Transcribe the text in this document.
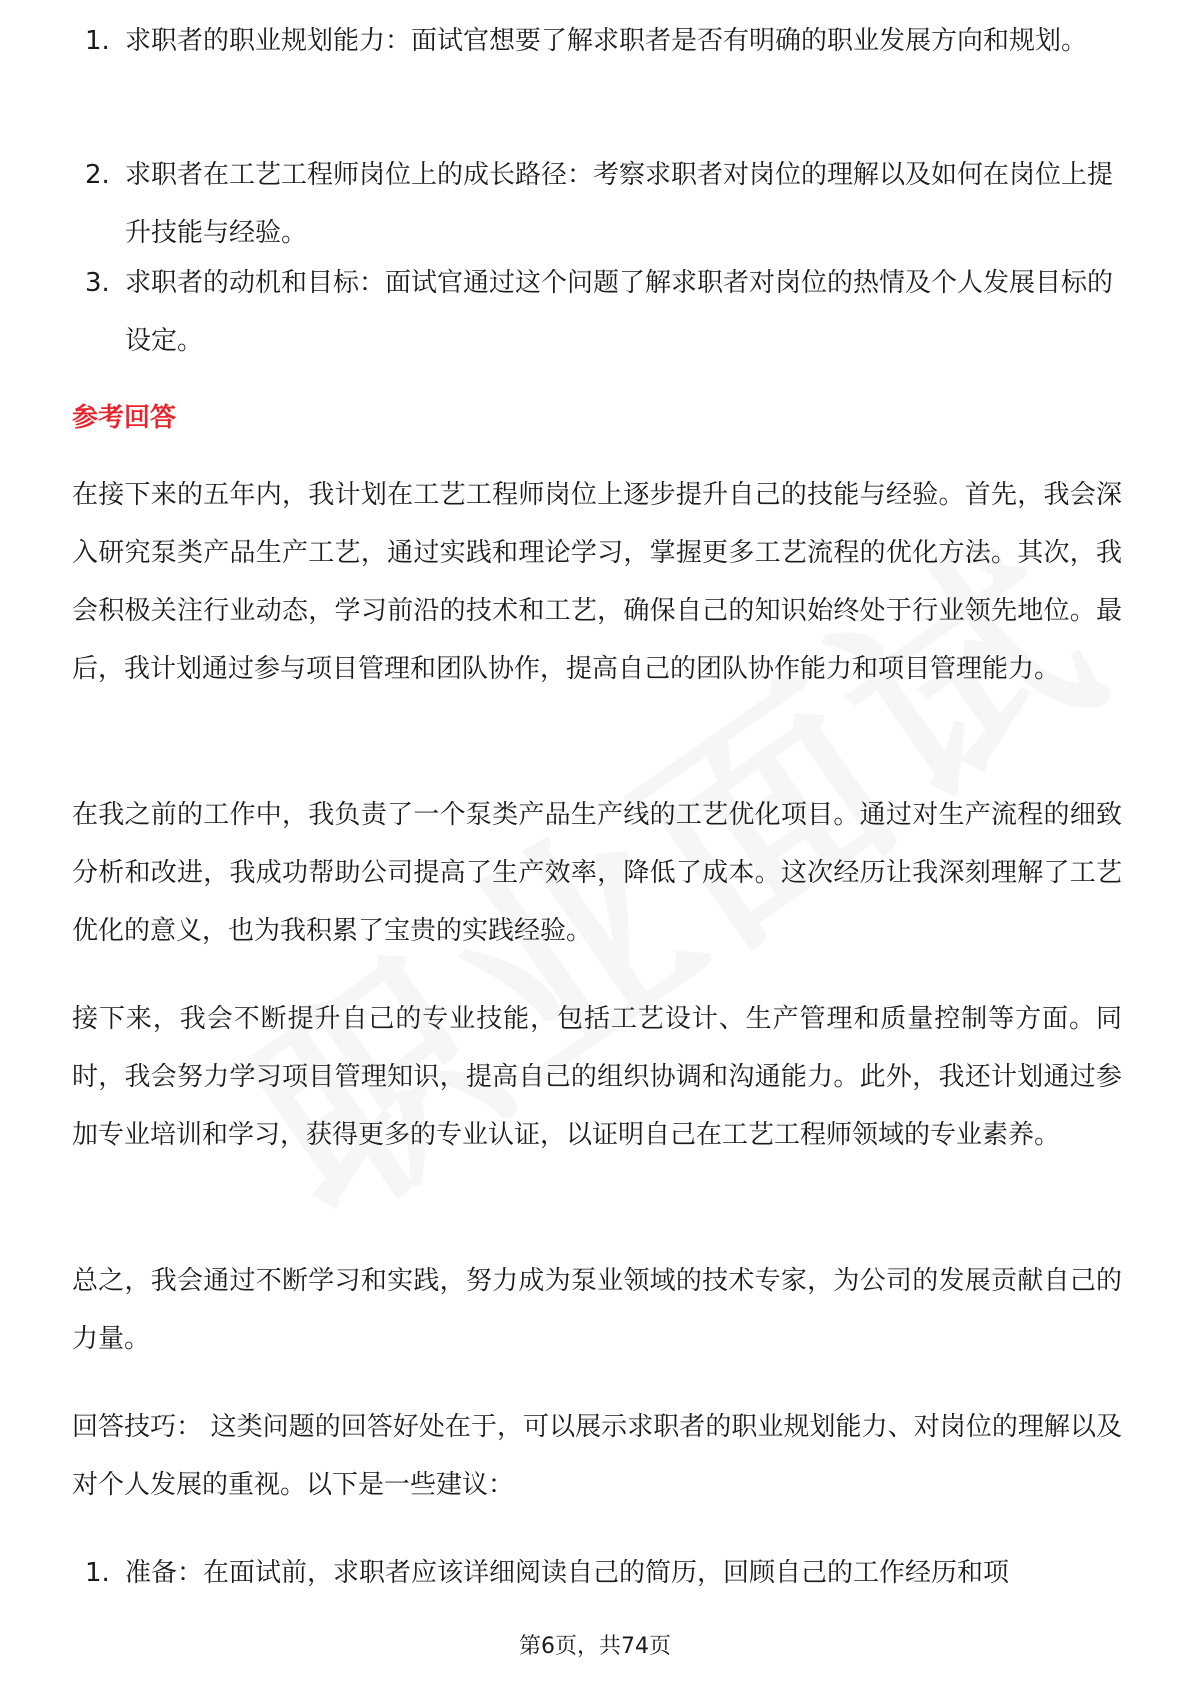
1. 求职者的职业规划能力：面试官想要了解求职者是否有明确的职业发展方向和规划。
2. 求职者在工艺工程师岗位上的成长路径：考察求职者对岗位的理解以及如何在岗位上提升技能与经验。
3. 求职者的动机和目标：面试官通过这个问题了解求职者对岗位的热情及个人发展目标的设定。
参考回答

在接下来的五年内，我计划在工艺工程师岗位上逐步提升自己的技能与经验。首先，我会深入研究泵类产品生产工艺，通过实践和理论学习，掌握更多工艺流程的优化方法。其次，我会积极关注行业动态，学习前沿的技术和工艺，确保自己的知识始终处于行业领先地位。最后，我计划通过参与项目管理和团队协作，提高自己的团队协作能力和项目管理能力。

在我之前的工作中，我负责了一个泵类产品生产线的工艺优化项目。通过对生产流程的细致分析和改进，我成功帮助公司提高了生产效率，降低了成本。这次经历让我深刻理解了工艺优化的意义，也为我积累了宝贵的实践经验。

接下来，我会不断提升自己的专业技能，包括工艺设计、生产管理和质量控制等方面。同时，我会努力学习项目管理知识，提高自己的组织协调和沟通能力。此外，我还计划通过参加专业培训和学习，获得更多的专业认证，以证明自己在工艺工程师领域的专业素养。

总之，我会通过不断学习和实践，努力成为泵业领域的技术专家，为公司的发展贡献自己的力量。

回答技巧： 这类问题的回答好处在于，可以展示求职者的职业规划能力、对岗位的理解以及对个人发展的重视。以下是一些建议：

1. 准备：在面试前，求职者应该详细阅读自己的简历，回顾自己的工作经历和项
第6页，共74页
